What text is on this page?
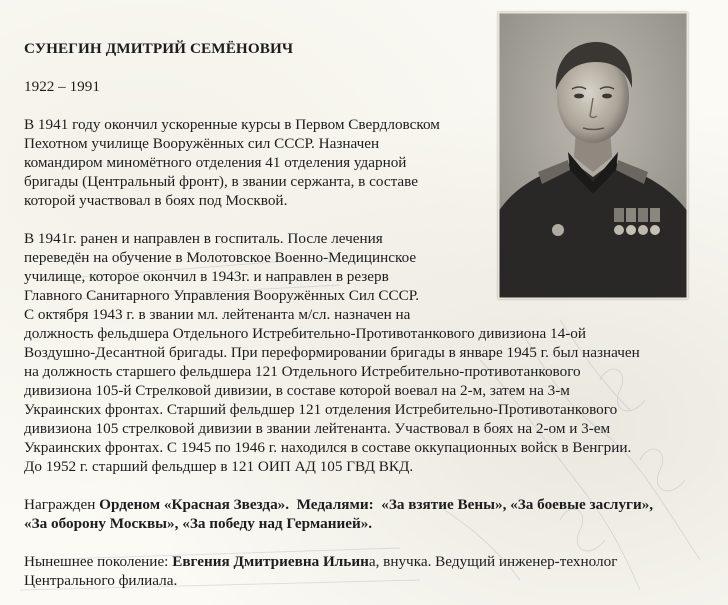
СУНЕГИН ДМИТРИЙ СЕМЁНОВИЧ

1922 – 1991

В 1941 году окончил ускоренные курсы в Первом Свердловском
Пехотном училище Вооружённых сил СССР. Назначен
командиром миномётного отделения 41 отделения ударной
бригады (Центральный фронт), в звании сержанта, в составе
которой участвовал в боях под Москвой.
В 1941г. ранен и направлен в госпиталь. После лечения
переведён на обучение в Молотовское Военно-Медицинское
училище, которое окончил в 1943г. и направлен в резерв
Главного Санитарного Управления Вооружённых Сил СССР.
С октября 1943 г. в звании мл. лейтенанта м/сл. назначен на
должность фельдшера Отдельного Истребительно-Противотанкового дивизиона 14-ой
Воздушно-Десантной бригады. При переформировании бригады в январе 1945 г. был назначен
на должность старшего фельдшера 121 Отдельного Истребительно-противотанкового
дивизиона 105-й Стрелковой дивизии, в составе которой воевал на 2-м, затем на 3-м
Украинских фронтах. Старший фельдшер 121 отделения Истребительно-Противотанкового
дивизиона 105 стрелковой дивизии в звании лейтенанта. Участвовал в боях на 2-ом и 3-ем
Украинских фронтах. С 1945 по 1946 г. находился в составе оккупационных войск в Венгрии.
До 1952 г. старший фельдшер в 121 ОИП АД 105 ГВД ВКД.
Награжден Орденом «Красная Звезда».  Медалями:  «За взятие Вены», «За боевые заслуги»,
«За оборону Москвы», «За победу над Германией».
Нынешнее поколение: Евгения Дмитриевна Ильина, внучка. Ведущий инженер-технолог
Центрального филиала.
